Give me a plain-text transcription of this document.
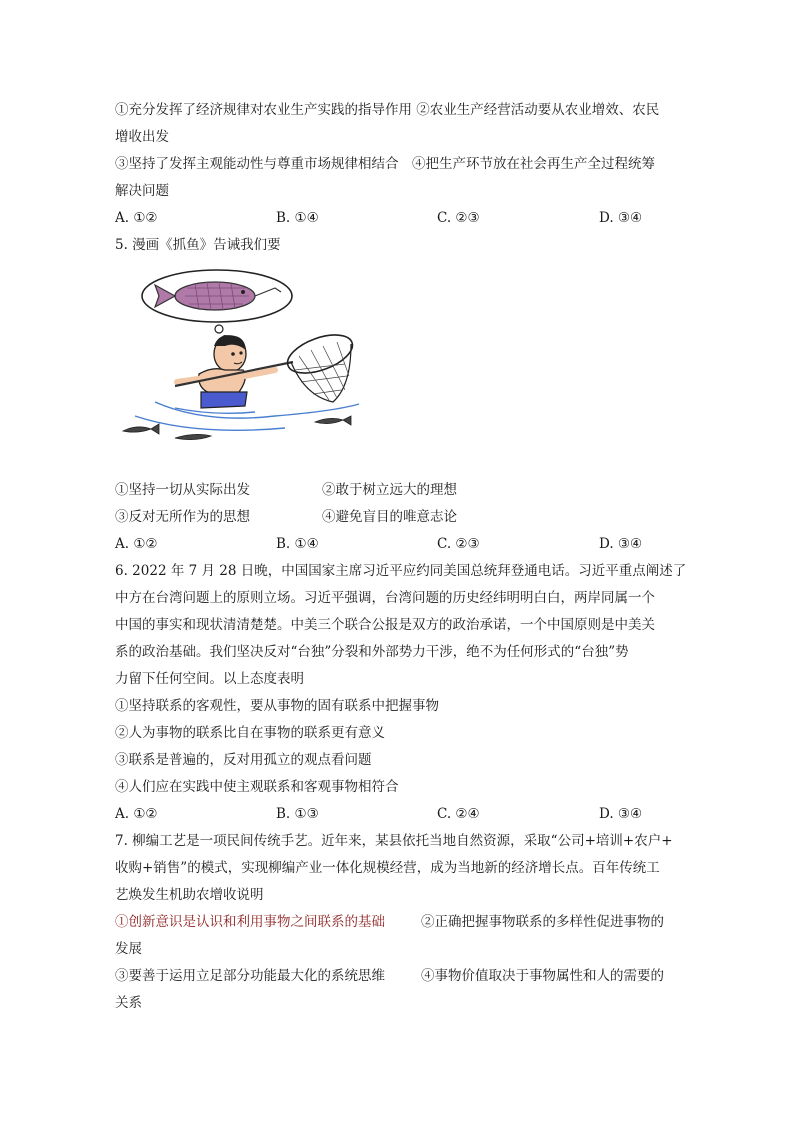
①充分发挥了经济规律对农业生产实践的指导作用 ②农业生产经营活动要从农业增效、农民
增收出发
③坚持了发挥主观能动性与尊重市场规律相结合　④把生产环节放在社会再生产全过程统筹
解决问题
A. ①②	B. ①④	C. ②③	D. ③④
5. 漫画《抓鱼》告诫我们要
①坚持一切从实际出发	②敢于树立远大的理想
③反对无所作为的思想	④避免盲目的唯意志论
A. ①②	B. ①④	C. ②③	D. ③④
6. 2022 年 7 月 28 日晚，中国国家主席习近平应约同美国总统拜登通电话。习近平重点阐述了
中方在台湾问题上的原则立场。习近平强调，台湾问题的历史经纬明明白白，两岸同属一个
中国的事实和现状清清楚楚。中美三个联合公报是双方的政治承诺，一个中国原则是中美关
系的政治基础。我们坚决反对“台独”分裂和外部势力干涉，绝不为任何形式的“台独”势
力留下任何空间。以上态度表明
①坚持联系的客观性，要从事物的固有联系中把握事物
②人为事物的联系比自在事物的联系更有意义
③联系是普遍的，反对用孤立的观点看问题
④人们应在实践中使主观联系和客观事物相符合
A. ①②	B. ①③	C. ②④	D. ③④
7. 柳编工艺是一项民间传统手艺。近年来，某县依托当地自然资源，采取“公司+培训+农户+
收购+销售”的模式，实现柳编产业一体化规模经营，成为当地新的经济增长点。百年传统工
艺焕发生机助农增收说明
①创新意识是认识和利用事物之间联系的基础	②正确把握事物联系的多样性促进事物的
发展
③要善于运用立足部分功能最大化的系统思维	④事物价值取决于事物属性和人的需要的
关系
